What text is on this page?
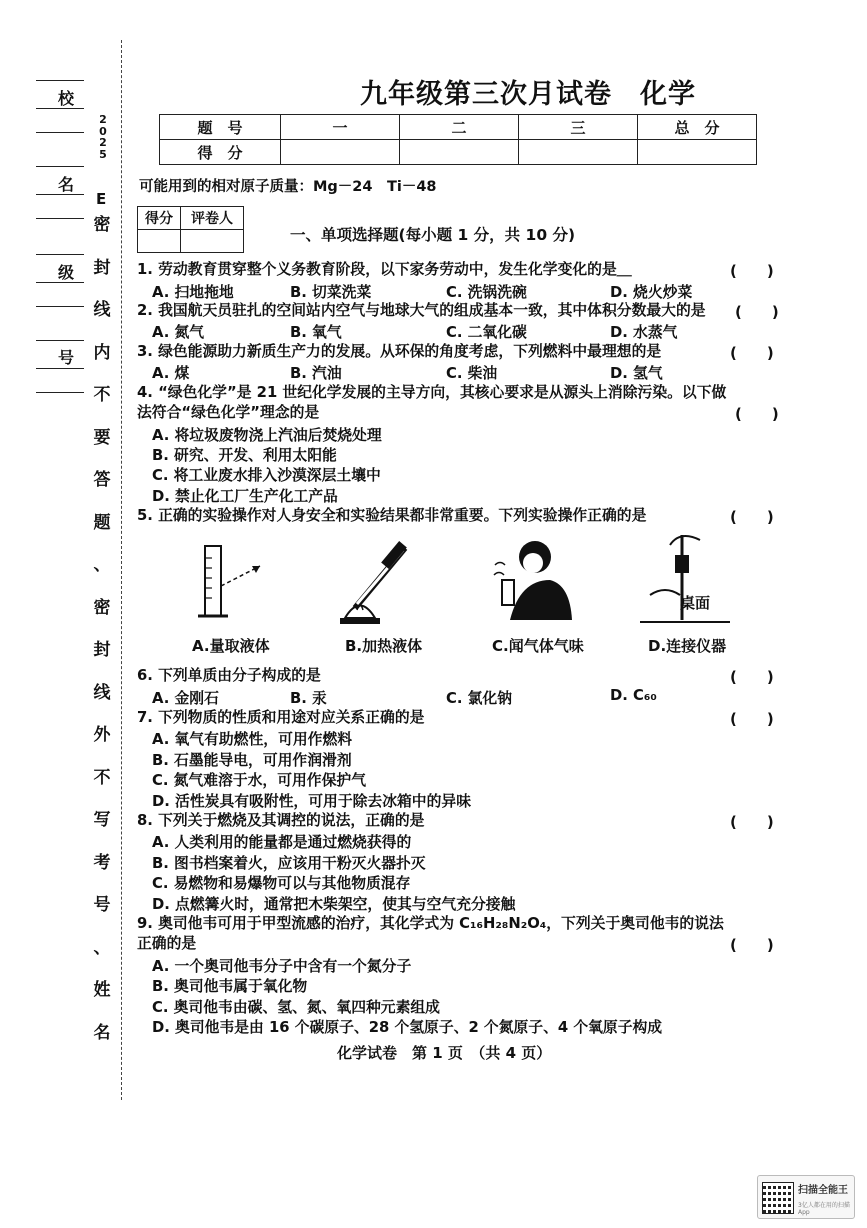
校
名
级
号
2
0
2
5
E
密
封
线
内
不
要
答
题
、
密
封
线
外
不
写
考
号
、
姓
名
九年级第三次月试卷　化学
题　号	一	二	三	总　分
得　分				
可能用到的相对原子质量：Mg－24　Ti－48
得分	评卷人

一、单项选择题(每小题 1 分，共 10 分)
1. 劳动教育贯穿整个义务教育阶段，以下家务劳动中，发生化学变化的是＿	(　　)
A. 扫地拖地	B. 切菜洗菜	C. 洗锅洗碗	D. 烧火炒菜
2. 我国航天员驻扎的空间站内空气与地球大气的组成基本一致，其中体积分数最大的是 (　　)
A. 氮气	B. 氧气	C. 二氧化碳	D. 水蒸气
3. 绿色能源助力新质生产力的发展。从环保的角度考虑，下列燃料中最理想的是	(　　)
A. 煤	B. 汽油	C. 柴油	D. 氢气
4. “绿色化学”是 21 世纪化学发展的主导方向，其核心要求是从源头上消除污染。以下做
法符合“绿色化学”理念的是	(　　)
A. 将垃圾废物浇上汽油后焚烧处理
B. 研究、开发、利用太阳能
C. 将工业废水排入沙漠深层土壤中
D. 禁止化工厂生产化工产品
5. 正确的实验操作对人身安全和实验结果都非常重要。下列实验操作正确的是	(　　)
桌面
A.量取液体	B.加热液体	C.闻气体气味	D.连接仪器
6. 下列单质由分子构成的是	(　　)
A. 金刚石	B. 汞	C. 氯化钠	D. C₆₀
7. 下列物质的性质和用途对应关系正确的是	(　　)
A. 氧气有助燃性，可用作燃料
B. 石墨能导电，可用作润滑剂
C. 氮气难溶于水，可用作保护气
D. 活性炭具有吸附性，可用于除去冰箱中的异味
8. 下列关于燃烧及其调控的说法，正确的是	(　　)
A. 人类利用的能量都是通过燃烧获得的
B. 图书档案着火，应该用干粉灭火器扑灭
C. 易燃物和易爆物可以与其他物质混存
D. 点燃篝火时，通常把木柴架空，使其与空气充分接触
9. 奥司他韦可用于甲型流感的治疗，其化学式为 C₁₆H₂₈N₂O₄，下列关于奥司他韦的说法
正确的是	(　　)
A. 一个奥司他韦分子中含有一个氮分子
B. 奥司他韦属于氧化物
C. 奥司他韦由碳、氢、氮、氧四种元素组成
D. 奥司他韦是由 16 个碳原子、28 个氢原子、2 个氮原子、4 个氧原子构成
化学试卷　第 1 页　（共 4 页）
扫描全能王
3亿人都在用的扫描App
